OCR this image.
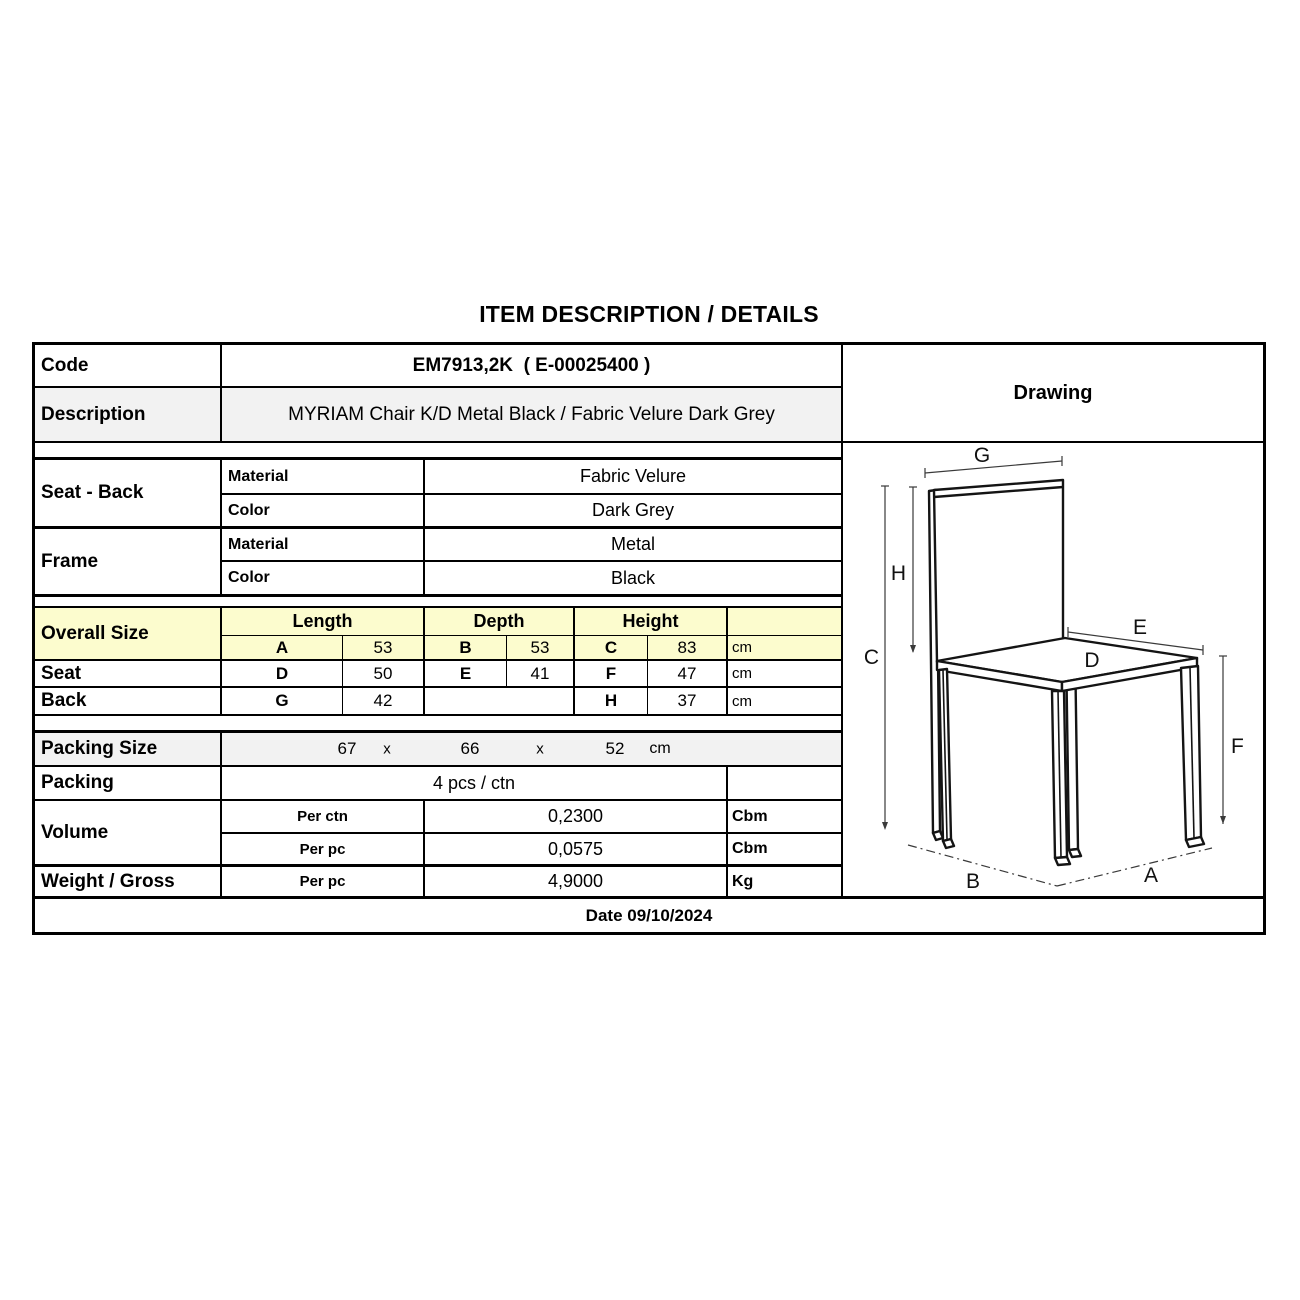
ITEM DESCRIPTION / DETAILS
Code	EM7913,2K  ( E-00025400 )
Drawing
Description	MYRIAM Chair K/D Metal Black / Fabric Velure Dark Grey
G
H
C
E
D
F
B	A
Seat - Back
Material	Fabric Velure
Color	Dark Grey
Frame
Material	Metal
Color	Black
Overall Size
Length	Depth	Height
A	53	B	53	C	83	cm
Seat	D	50	E	41	F	47	cm
Back	G	42	H	37	cm
Packing Size	67 x	66	x	52 cm
Packing	4 pcs / ctn
Volume
Per ctn	0,2300	Cbm
Per pc	0,0575	Cbm
Weight / Gross	Per pc	4,9000	Kg
Date 09/10/2024
